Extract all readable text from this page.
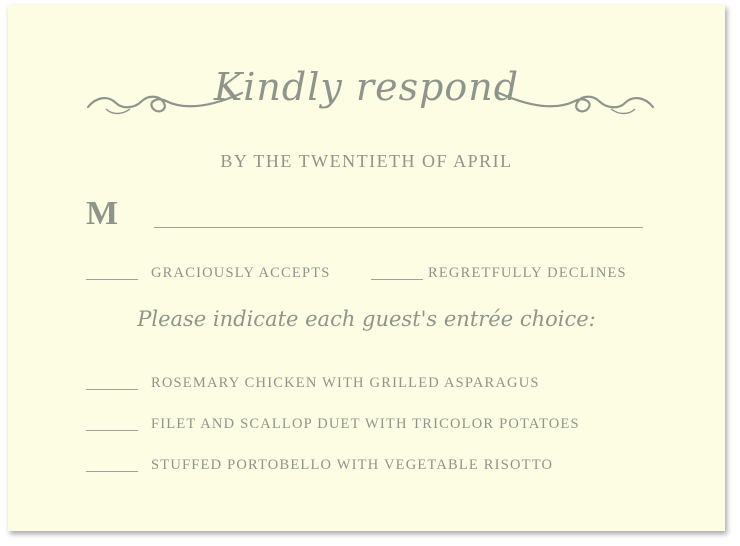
Kindly respond
BY THE TWENTIETH OF APRIL
M
GRACIOUSLY ACCEPTS	REGRETFULLY DECLINES
Please indicate each guest's entrée choice:
ROSEMARY CHICKEN WITH GRILLED ASPARAGUS
FILET AND SCALLOP DUET WITH TRICOLOR POTATOES
STUFFED PORTOBELLO WITH VEGETABLE RISOTTO
